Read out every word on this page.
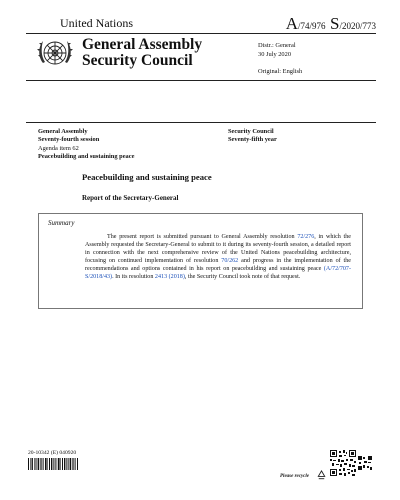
United Nations	A/74/976 S/2020/773
General Assembly
Security Council
Distr.: General
30 July 2020
Original: English
General Assembly
Seventy-fourth session
Agenda item 62
Peacebuilding and sustaining peace
Security Council
Seventy-fifth year
Peacebuilding and sustaining peace
Report of the Secretary-General
Summary
The present report is submitted pursuant to General Assembly resolution 72/276, in which the Assembly requested the Secretary-General to submit to it during its seventy-fourth session, a detailed report in connection with the next comprehensive review of the United Nations peacebuilding architecture, focusing on continued implementation of resolution 70/262 and progress in the implementation of the recommendations and options contained in his report on peacebuilding and sustaining peace (A/72/707-S/2018/43). In its resolution 2413 (2018), the Security Council took note of that request.
20-10342 (E) 040920
Please recycle
